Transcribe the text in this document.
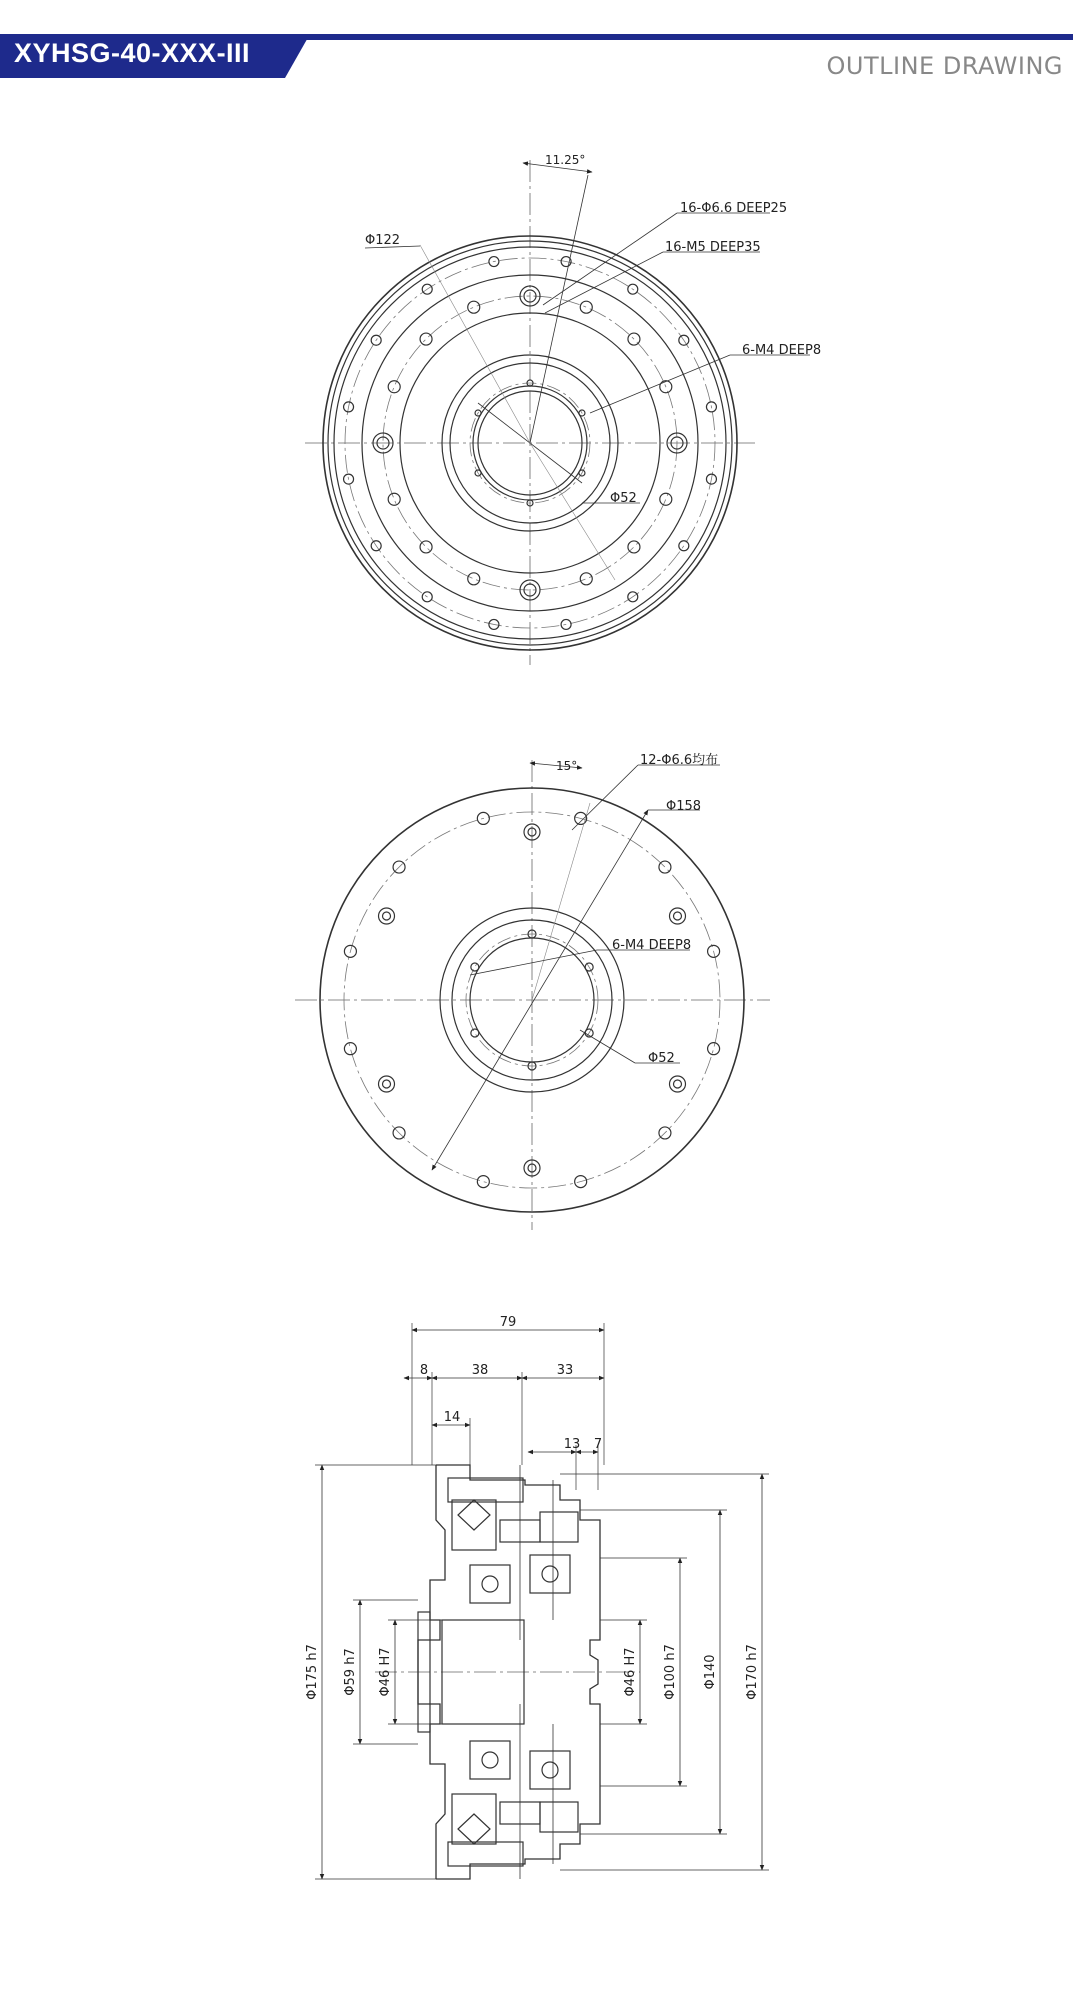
XYHSG-40-XXX-III	OUTLINE DRAWING
11.25°
16-Φ6.6 DEEP25
16-M5 DEEP35
Φ122
6-M4 DEEP8
Φ52
15°	12-Φ6.6均布
Φ158
6-M4 DEEP8
Φ52
79
8	38	33
14
13 7
Φ175 h7 Φ59 h7 Φ46 H7	Φ46 H7 Φ100 h7 Φ140 Φ170 h7
